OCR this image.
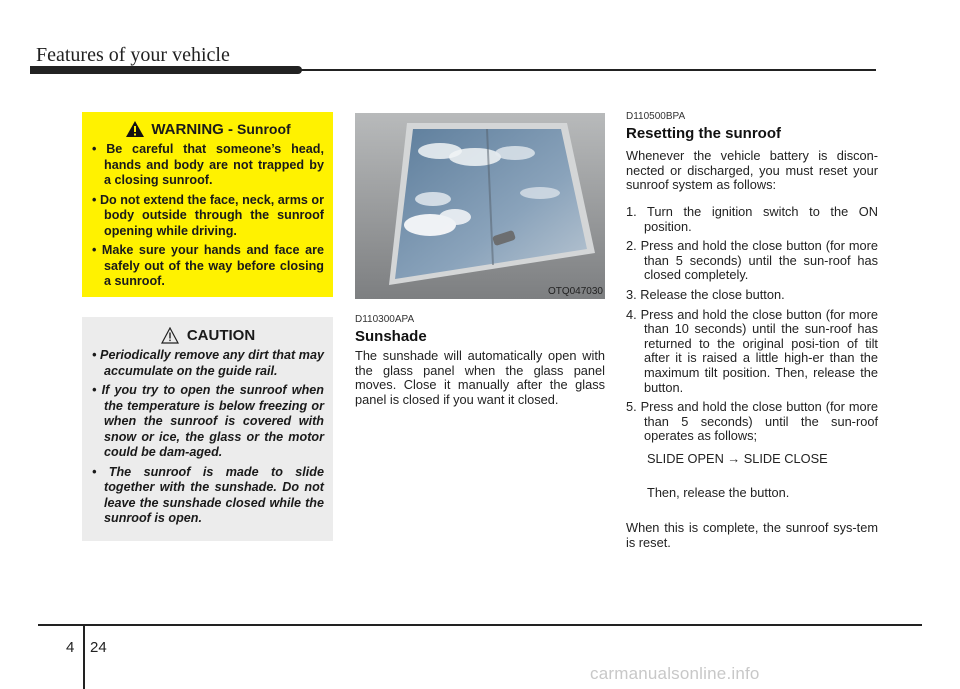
Features of your vehicle
WARNING - Sunroof
• Be careful that someone’s head, hands and body are not trapped by a closing sunroof.
• Do not extend the face, neck, arms or body outside through the sunroof opening while driving.
• Make sure your hands and face are safely out of the way before closing a sunroof.
CAUTION
• Periodically remove any dirt that may accumulate on the guide rail.
• If you try to open the sunroof when the temperature is below freezing or when the sunroof is covered with snow or ice, the glass or the motor could be dam-aged.
• The sunroof is made to slide together with the sunshade. Do not leave the sunshade closed while the sunroof is open.
OTQ047030
D110300APA
Sunshade
The sunshade will automatically open with the glass panel when the glass panel moves. Close it manually after the glass panel is closed if you want it closed.
D110500BPA
Resetting the sunroof
Whenever the vehicle battery is discon-nected or discharged, you must reset your sunroof system as follows:
1. Turn the ignition switch to the ON position.
2. Press and hold the close button (for more than 5 seconds) until the sun-roof has closed completely.
3. Release the close button.
4. Press and hold the close button (for more than 10 seconds) until the sun-roof has returned to the original posi-tion of tilt after it is raised a little high-er than the maximum tilt position. Then, release the button.
5. Press and hold the close button (for more than 5 seconds) until the sun-roof operates as follows;
SLIDE OPEN → SLIDE CLOSE
Then, release the button.
When this is complete, the sunroof sys-tem is reset.
4 24
carmanualsonline.info
